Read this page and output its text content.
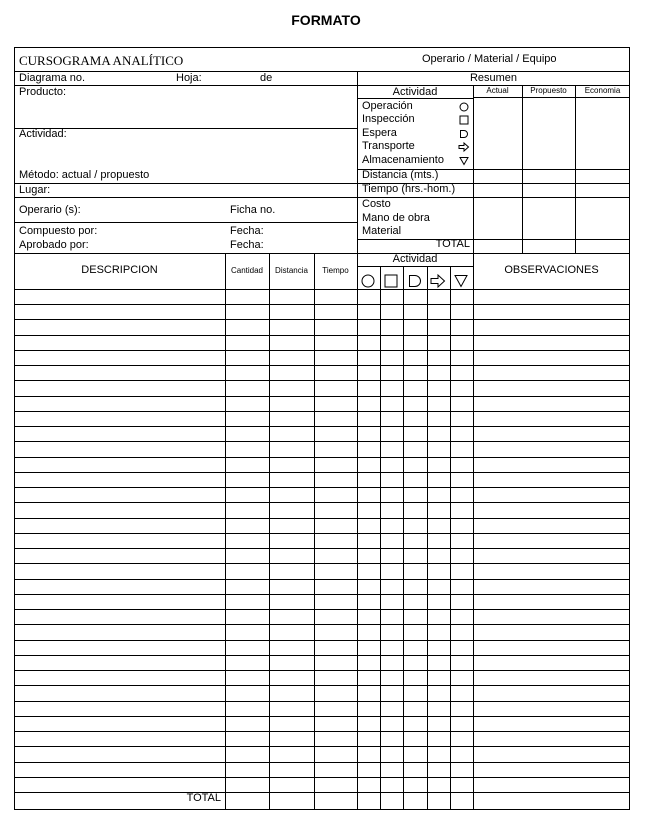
FORMATO
CURSOGRAMA ANALÍTICO	Operario / Material / Equipo
Diagrama no.	Hoja:	de	Resumen
Producto:
Actividad:
Método: actual / propuesto
Lugar:
Operario (s):	Ficha no.
Compuesto por:	Fecha:
Aprobado por:	Fecha:
Actual	Propuesto	Economia
Actividad
Operación
Inspección
Espera
Transporte
Almacenamiento
Distancia (mts.)
Tiempo (hrs.-hom.)
Costo
Mano de obra
Material
TOTAL
DESCRIPCION	Cantidad	Distancia	Tiempo
Actividad
OBSERVACIONES
TOTAL
